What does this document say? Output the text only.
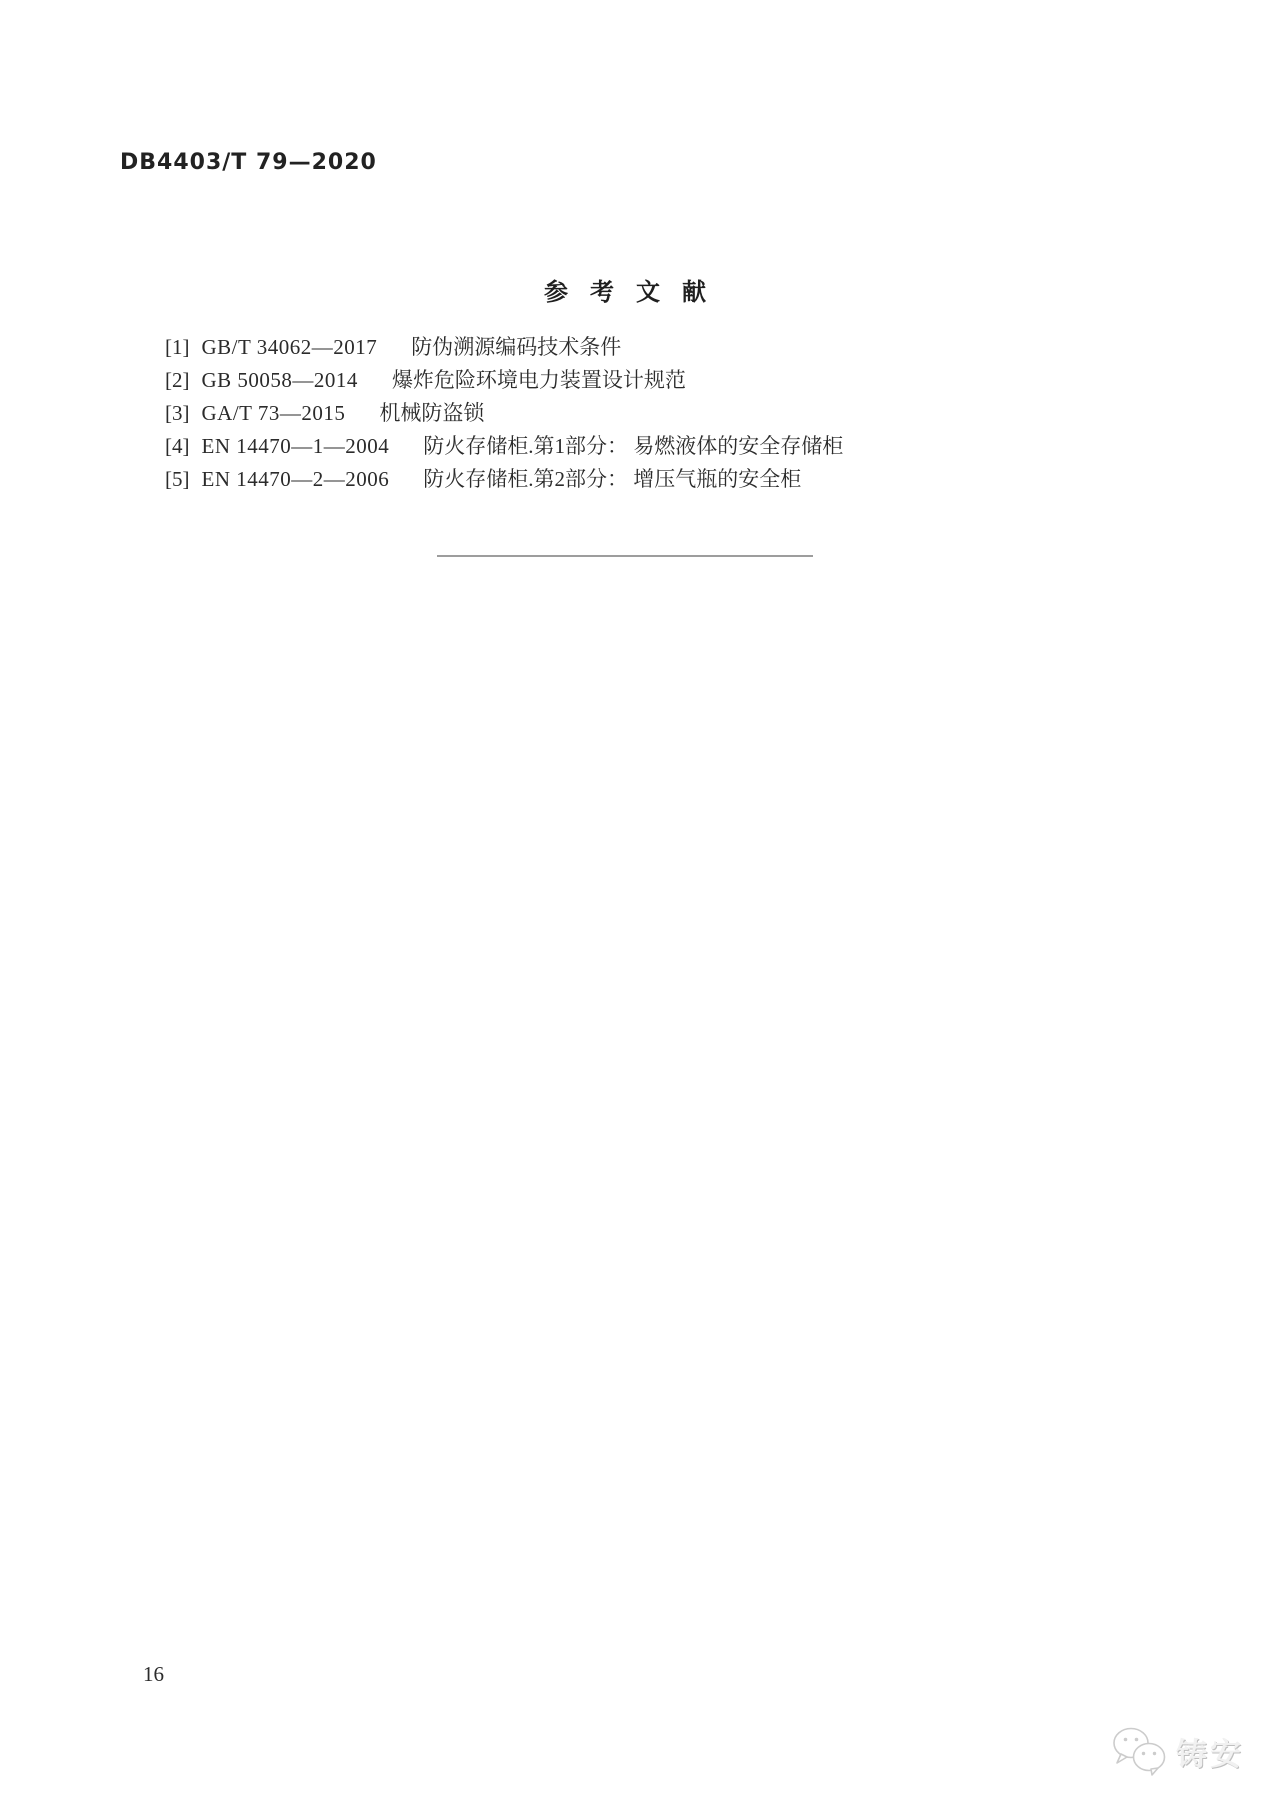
DB4403/T 79—2020
参 考 文 献
[1] GB/T 34062—2017 防伪溯源编码技术条件
[2] GB 50058—2014 爆炸危险环境电力装置设计规范
[3] GA/T 73—2015 机械防盗锁
[4] EN 14470—1—2004 防火存储柜.第1部分： 易燃液体的安全存储柜
[5] EN 14470—2—2006 防火存储柜.第2部分： 增压气瓶的安全柜
16
铸安
